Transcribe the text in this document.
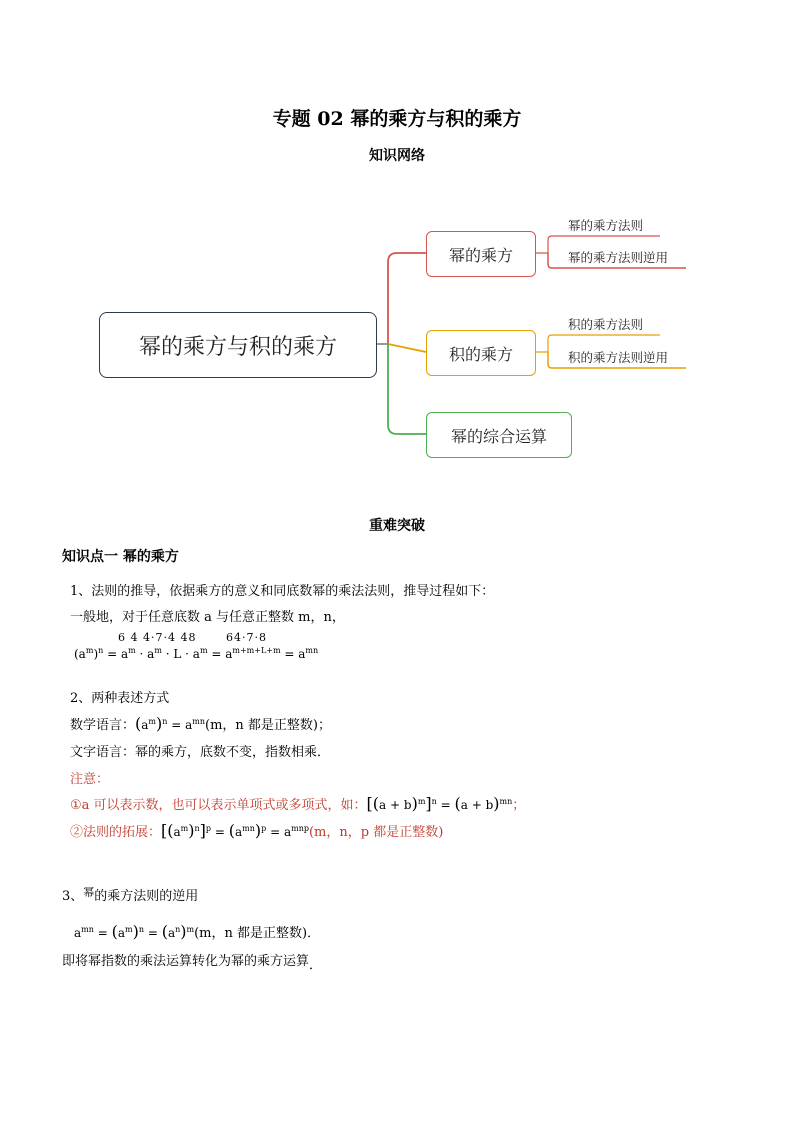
专题 02 幂的乘方与积的乘方
知识网络
幂的乘方与积的乘方
幂的乘方
积的乘方
幂的综合运算
幂的乘方法则
幂的乘方法则逆用
积的乘方法则
积的乘方法则逆用
重难突破
知识点一 幂的乘方
1、法则的推导，依据乘方的意义和同底数幂的乘法法则，推导过程如下：
一般地，对于任意底数 a 与任意正整数 m，n，
6 4 4·7·4 48	64·7·8
$(a^m)^n = a^m \cdot a^m \cdot L \cdot a^m = a^{m+m+L+m} = a^{mn}$
2、两种表述方式
数学语言：$(a^m)^n = a^{mn}(m$，n 都是正整数)；
文字语言：幂的乘方，底数不变，指数相乘．
注意：
①a 可以表示数，也可以表示单项式或多项式，如：$[(a + b)^m]^n = (a + b)^{mn}$；
②法则的拓展：$[(a^m)^n]^p = (a^{mn})^p = a^{mnp}(m$，n，p 都是正整数)
3、$^幂$的乘方法则的逆用
$a^{mn} = (a^m)^n = (a^n)^m(m$，n 都是正整数)．
即将幂指数的乘法运算转化为幂的乘方运算．
